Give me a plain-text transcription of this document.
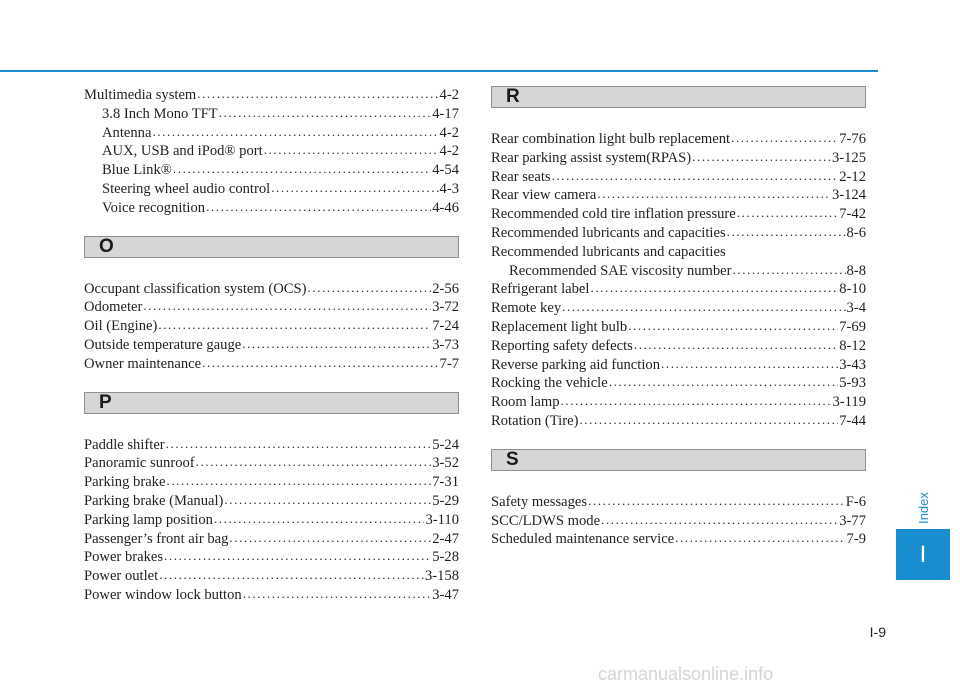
Multimedia system .....	4-2
3.8 Inch Mono TFT .....	4-17
Antenna .....	4-2
AUX, USB and iPod® port .....	4-2
Blue Link® .....	4-54
Steering wheel audio control .....	4-3
Voice recognition .....	4-46
O
Occupant classification system (OCS) .....	2-56
Odometer .....	3-72
Oil (Engine) .....	7-24
Outside temperature gauge .....	3-73
Owner maintenance .....	7-7
P
Paddle shifter .....	5-24
Panoramic sunroof .....	3-52
Parking brake .....	7-31
Parking brake (Manual) .....	5-29
Parking lamp position .....	3-110
Passenger’s front air bag .....	2-47
Power brakes .....	5-28
Power outlet .....	3-158
Power window lock button .....	3-47
R
Rear combination light bulb replacement .....	7-76
Rear parking assist system(RPAS) .....	3-125
Rear seats .....	2-12
Rear view camera .....	3-124
Recommended cold tire inflation pressure .....	7-42
Recommended lubricants and capacities .....	8-6
Recommended lubricants and capacities
Recommended SAE viscosity number .....	8-8
Refrigerant label .....	8-10
Remote key .....	3-4
Replacement light bulb .....	7-69
Reporting safety defects .....	8-12
Reverse parking aid function .....	3-43
Rocking the vehicle .....	5-93
Room lamp .....	3-119
Rotation (Tire) .....	7-44
S
Safety messages .....	F-6
SCC/LDWS mode .....	3-77
Scheduled maintenance service .....	7-9
Index
I
I-9
carmanualsonline.info
